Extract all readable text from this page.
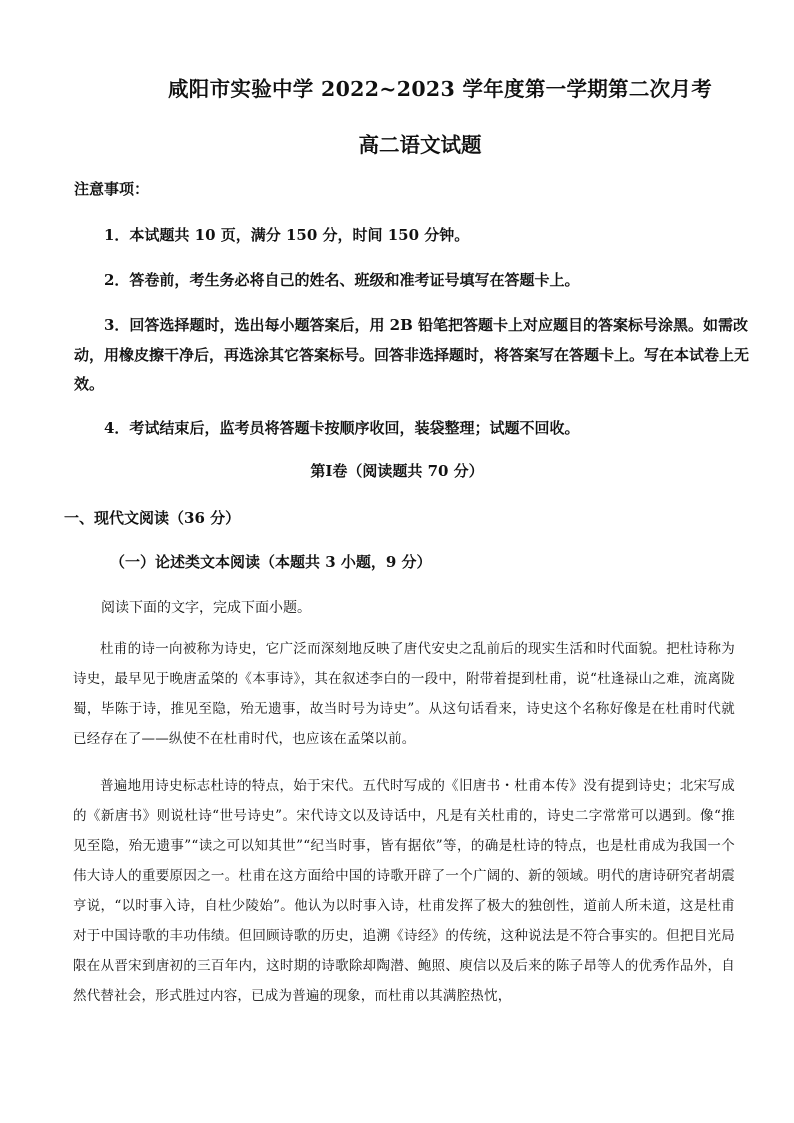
咸阳市实验中学 2022~2023 学年度第一学期第二次月考
高二语文试题
注意事项：

1．本试题共 10 页，满分 150 分，时间 150 分钟。

2．答卷前，考生务必将自己的姓名、班级和准考证号填写在答题卡上。

3．回答选择题时，选出每小题答案后，用 2B 铅笔把答题卡上对应题目的答案标号涂黑。如需改动，用橡皮擦干净后，再选涂其它答案标号。回答非选择题时，将答案写在答题卡上。写在本试卷上无效。

4．考试结束后，监考员将答题卡按顺序收回，装袋整理；试题不回收。

第Ⅰ卷（阅读题共 70 分）
一、现代文阅读（36 分）
（一）论述类文本阅读（本题共 3 小题，9 分）
阅读下面的文字，完成下面小题。

杜甫的诗一向被称为诗史，它广泛而深刻地反映了唐代安史之乱前后的现实生活和时代面貌。把杜诗称为诗史，最早见于晚唐孟棨的《本事诗》，其在叙述李白的一段中，附带着提到杜甫，说“杜逢禄山之难，流离陇蜀，毕陈于诗，推见至隐，殆无遗事，故当时号为诗史”。从这句话看来，诗史这个名称好像是在杜甫时代就已经存在了——纵使不在杜甫时代，也应该在孟棨以前。

普遍地用诗史标志杜诗的特点，始于宋代。五代时写成的《旧唐书・杜甫本传》没有提到诗史；北宋写成的《新唐书》则说杜诗“世号诗史”。宋代诗文以及诗话中，凡是有关杜甫的，诗史二字常常可以遇到。像“推见至隐，殆无遗事”“读之可以知其世”“纪当时事，皆有据依”等，的确是杜诗的特点，也是杜甫成为我国一个伟大诗人的重要原因之一。杜甫在这方面给中国的诗歌开辟了一个广阔的、新的领域。明代的唐诗研究者胡震亨说，“以时事入诗，自杜少陵始”。他认为以时事入诗，杜甫发挥了极大的独创性，道前人所未道，这是杜甫对于中国诗歌的丰功伟绩。但回顾诗歌的历史，追溯《诗经》的传统，这种说法是不符合事实的。但把目光局限在从晋宋到唐初的三百年内，这时期的诗歌除却陶潜、鲍照、庾信以及后来的陈子昂等人的优秀作品外，自然代替社会，形式胜过内容，已成为普遍的现象，而杜甫以其满腔热忱，
